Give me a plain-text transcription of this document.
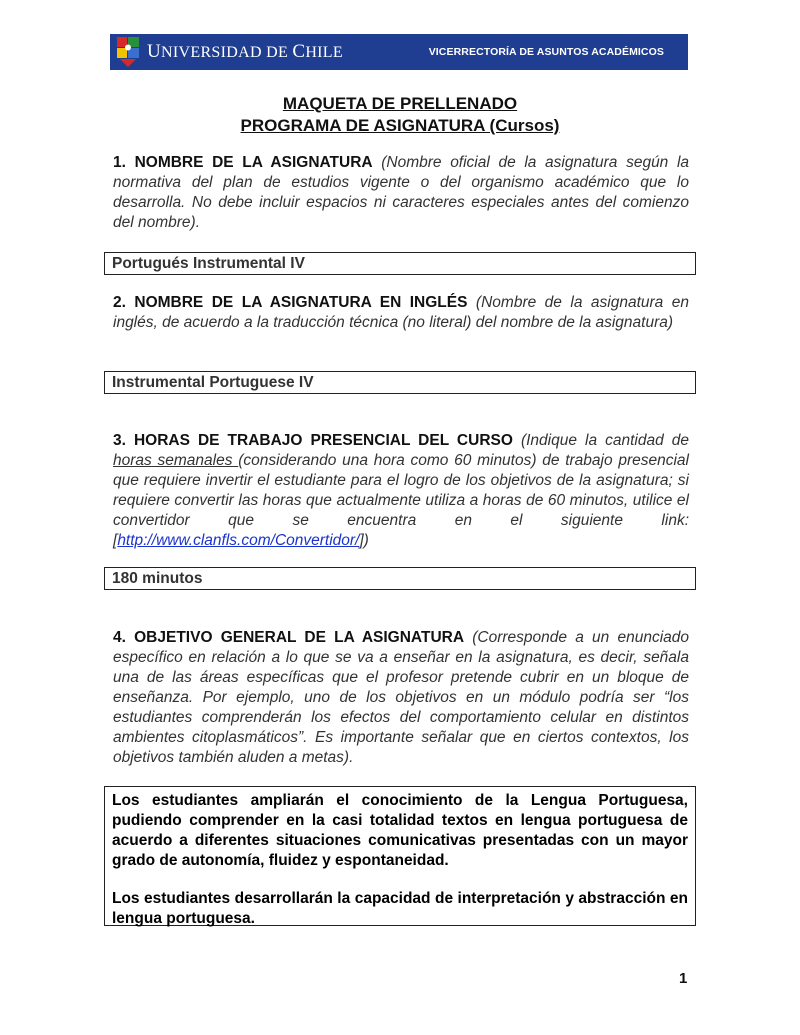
UNIVERSIDAD DE CHILE	VICERRECTORÍA DE ASUNTOS ACADÉMICOS
MAQUETA DE PRELLENADO
PROGRAMA DE ASIGNATURA (Cursos)
1. NOMBRE DE LA ASIGNATURA (Nombre oficial de la asignatura según la normativa del plan de estudios vigente o del organismo académico que lo desarrolla. No debe incluir espacios ni caracteres especiales antes del comienzo del nombre).
Portugués Instrumental IV
2. NOMBRE DE LA ASIGNATURA EN INGLÉS (Nombre de la asignatura en inglés, de acuerdo a la traducción técnica (no literal) del nombre de la asignatura)
Instrumental Portuguese IV
3. HORAS DE TRABAJO PRESENCIAL DEL CURSO (Indique la cantidad de horas semanales (considerando una hora como 60 minutos) de trabajo presencial que requiere invertir el estudiante para el logro de los objetivos de la asignatura; si requiere convertir las horas que actualmente utiliza a horas de 60 minutos, utilice el convertidor que se encuentra en el siguiente link: [http://www.clanfls.com/Convertidor/])
180 minutos
4. OBJETIVO GENERAL DE LA ASIGNATURA (Corresponde a un enunciado específico en relación a lo que se va a enseñar en la asignatura, es decir, señala una de las áreas específicas que el profesor pretende cubrir en un bloque de enseñanza. Por ejemplo, uno de los objetivos en un módulo podría ser “los estudiantes comprenderán los efectos del comportamiento celular en distintos ambientes citoplasmáticos”. Es importante señalar que en ciertos contextos, los objetivos también aluden a metas).

Los estudiantes ampliarán el conocimiento de la Lengua Portuguesa, pudiendo comprender en la casi totalidad textos en lengua portuguesa de acuerdo a diferentes situaciones comunicativas presentadas con un mayor grado de autonomía, fluidez y espontaneidad.

Los estudiantes desarrollarán la capacidad de interpretación y abstracción en lengua portuguesa.

1
